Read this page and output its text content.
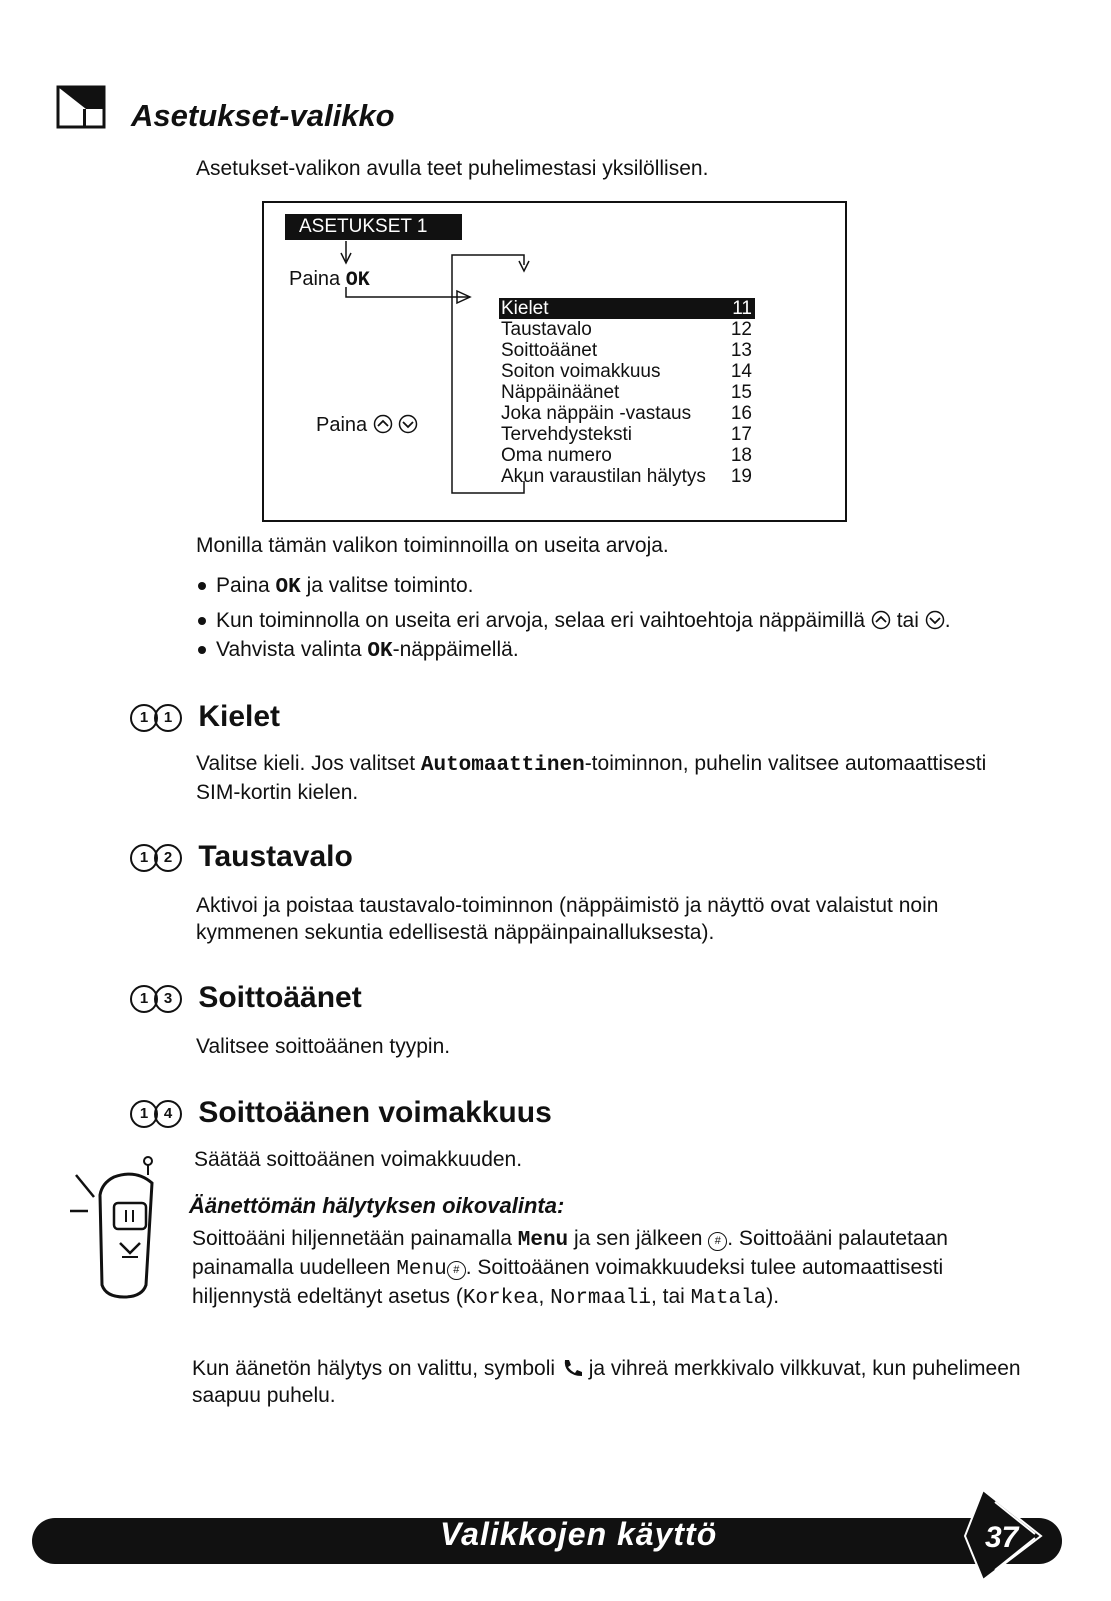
Asetukset-valikko
Asetukset-valikon avulla teet puhelimestasi yksilöllisen.
ASETUKSET 1
Paina OK
Paina
Kielet	11
Taustavalo	12
Soittoäänet	13
Soiton voimakkuus	14
Näppäinäänet	15
Joka näppäin -vastaus 16
Tervehdysteksti	17
Oma numero	18
Akun varaustilan hälytys 19
Monilla tämän valikon toiminnoilla on useita arvoja.
Paina OK ja valitse toiminto.
Kun toiminnolla on useita eri arvoja, selaa eri vaihtoehtoja näppäimillä  tai .
Vahvista valinta OK-näppäimellä.
1 1 Kielet
Valitse kieli. Jos valitset Automaattinen-toiminnon, puhelin valitsee automaattisesti SIM-kortin kielen.
1 2 Taustavalo
Aktivoi ja poistaa taustavalo-toiminnon (näppäimistö ja näyttö ovat valaistut noin kymmenen sekuntia edellisestä näppäinpainalluksesta).
1 3 Soittoäänet
Valitsee soittoäänen tyypin.
1 4 Soittoäänen voimakkuus
Säätää soittoäänen voimakkuuden.
Äänettömän hälytyksen oikovalinta:
Soittoääni hiljennetään painamalla Menu ja sen jälkeen # . Soittoääni palautetaan painamalla uudelleen Menu # . Soittoäänen voimakkuudeksi tulee automaattisesti hiljennystä edeltänyt asetus (Korkea, Normaali, tai Matala).
Kun äänetön hälytys on valittu, symboli  ja vihreä merkkivalo vilkkuvat, kun puhelimeen saapuu puhelu.
Valikkojen käyttö	37
